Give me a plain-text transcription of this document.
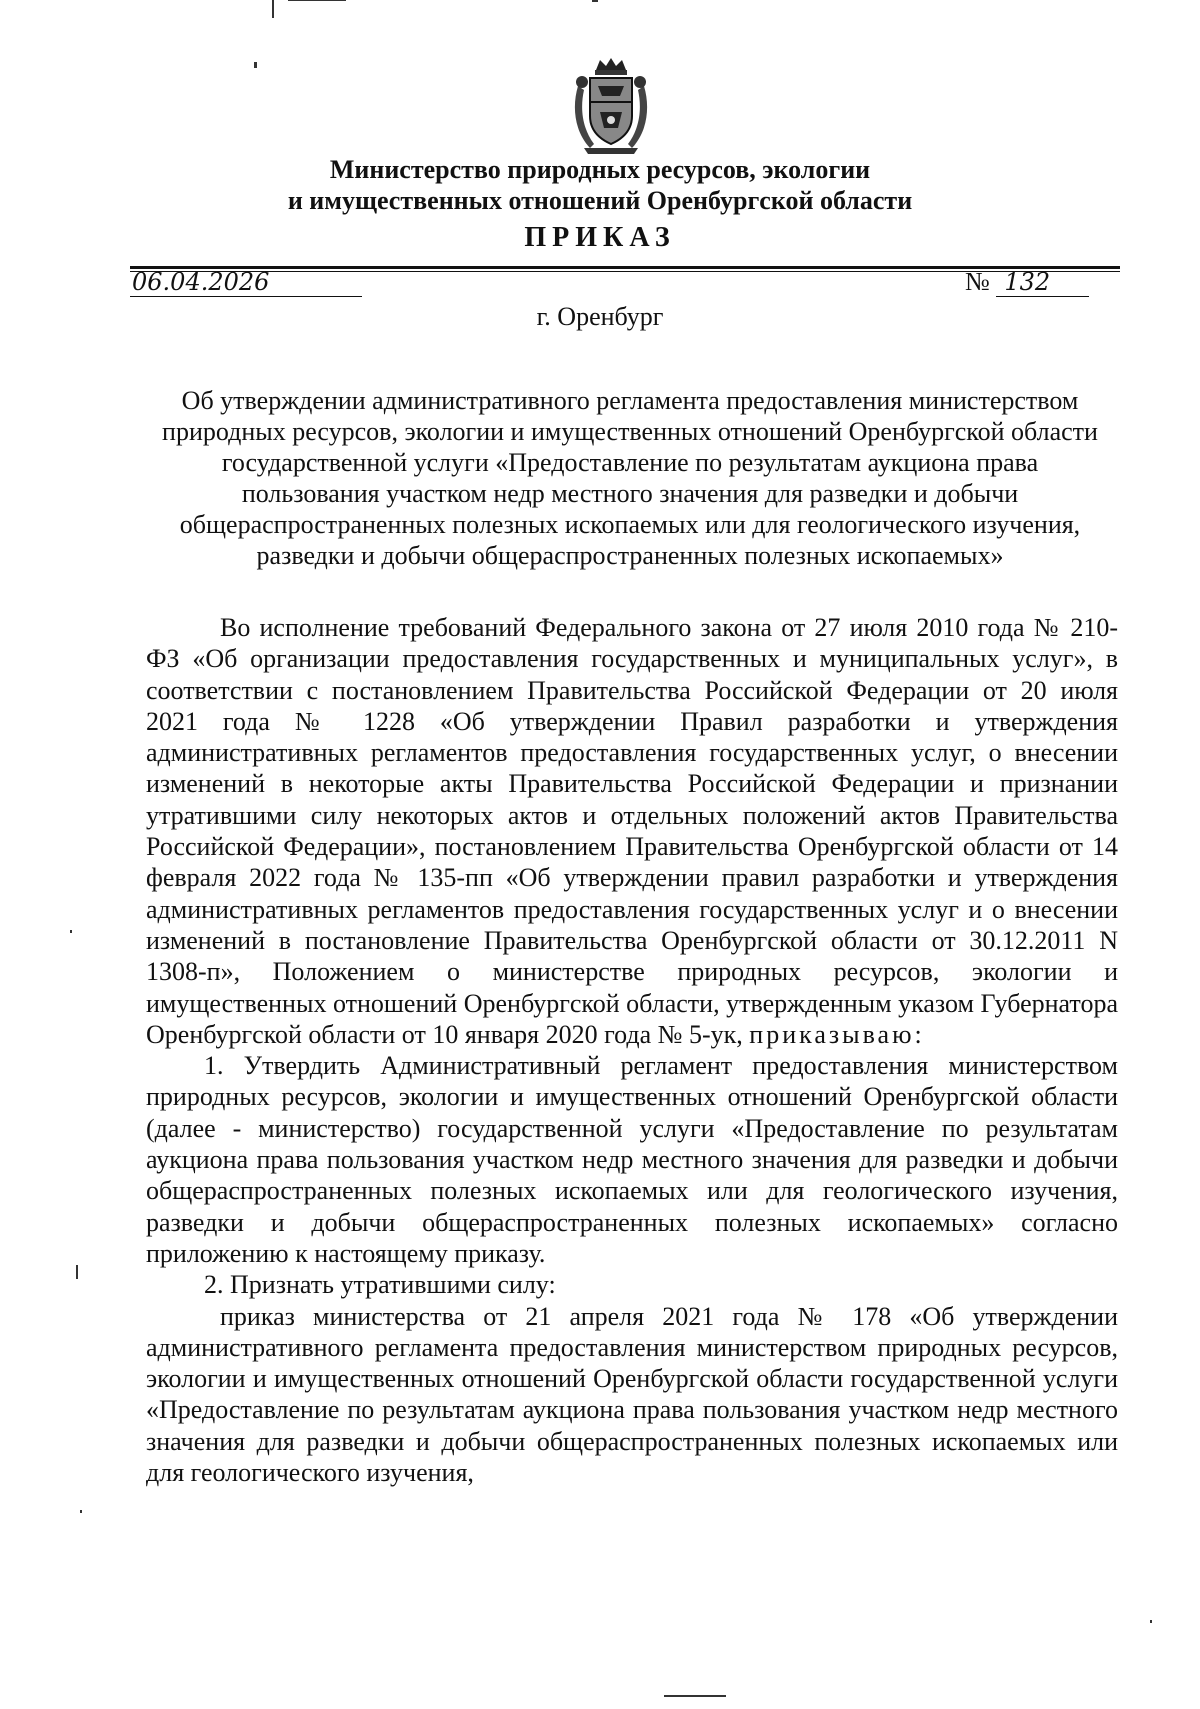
Министерство природных ресурсов, экологии
и имущественных отношений Оренбургской области
ПРИКАЗ
06.04.2026	№ 132
г. Оренбург
Об утверждении административного регламента предоставления министерством природных ресурсов, экологии и имущественных отношений Оренбургской области государственной услуги «Предоставление по результатам аукциона права пользования участком недр местного значения для разведки и добычи общераспространенных полезных ископаемых или для геологического изучения, разведки и добычи общераспространенных полезных ископаемых»

Во исполнение требований Федерального закона от 27 июля 2010 года № 210-ФЗ «Об организации предоставления государственных и муниципальных услуг», в соответствии с постановлением Правительства Российской Федерации от 20 июля 2021 года № 1228 «Об утверждении Правил разработки и утверждения административных регламентов предоставления государственных услуг, о внесении изменений в некоторые акты Правительства Российской Федерации и признании утратившими силу некоторых актов и отдельных положений актов Правительства Российской Федерации», постановлением Правительства Оренбургской области от 14 февраля 2022 года № 135-пп «Об утверждении правил разработки и утверждения административных регламентов предоставления государственных услуг и о внесении изменений в постановление Правительства Оренбургской области от 30.12.2011 N 1308-п», Положением о министерстве природных ресурсов, экологии и имущественных отношений Оренбургской области, утвержденным указом Губернатора Оренбургской области от 10 января 2020 года № 5-ук, приказываю:

1. Утвердить Административный регламент предоставления министерством природных ресурсов, экологии и имущественных отношений Оренбургской области (далее - министерство) государственной услуги «Предоставление по результатам аукциона права пользования участком недр местного значения для разведки и добычи общераспространенных полезных ископаемых или для геологического изучения, разведки и добычи общераспространенных полезных ископаемых» согласно приложению к настоящему приказу.

2. Признать утратившими силу:

приказ министерства от 21 апреля 2021 года № 178 «Об утверждении административного регламента предоставления министерством природных ресурсов, экологии и имущественных отношений Оренбургской области государственной услуги «Предоставление по результатам аукциона права пользования участком недр местного значения для разведки и добычи общераспространенных полезных ископаемых или для геологического изучения,
